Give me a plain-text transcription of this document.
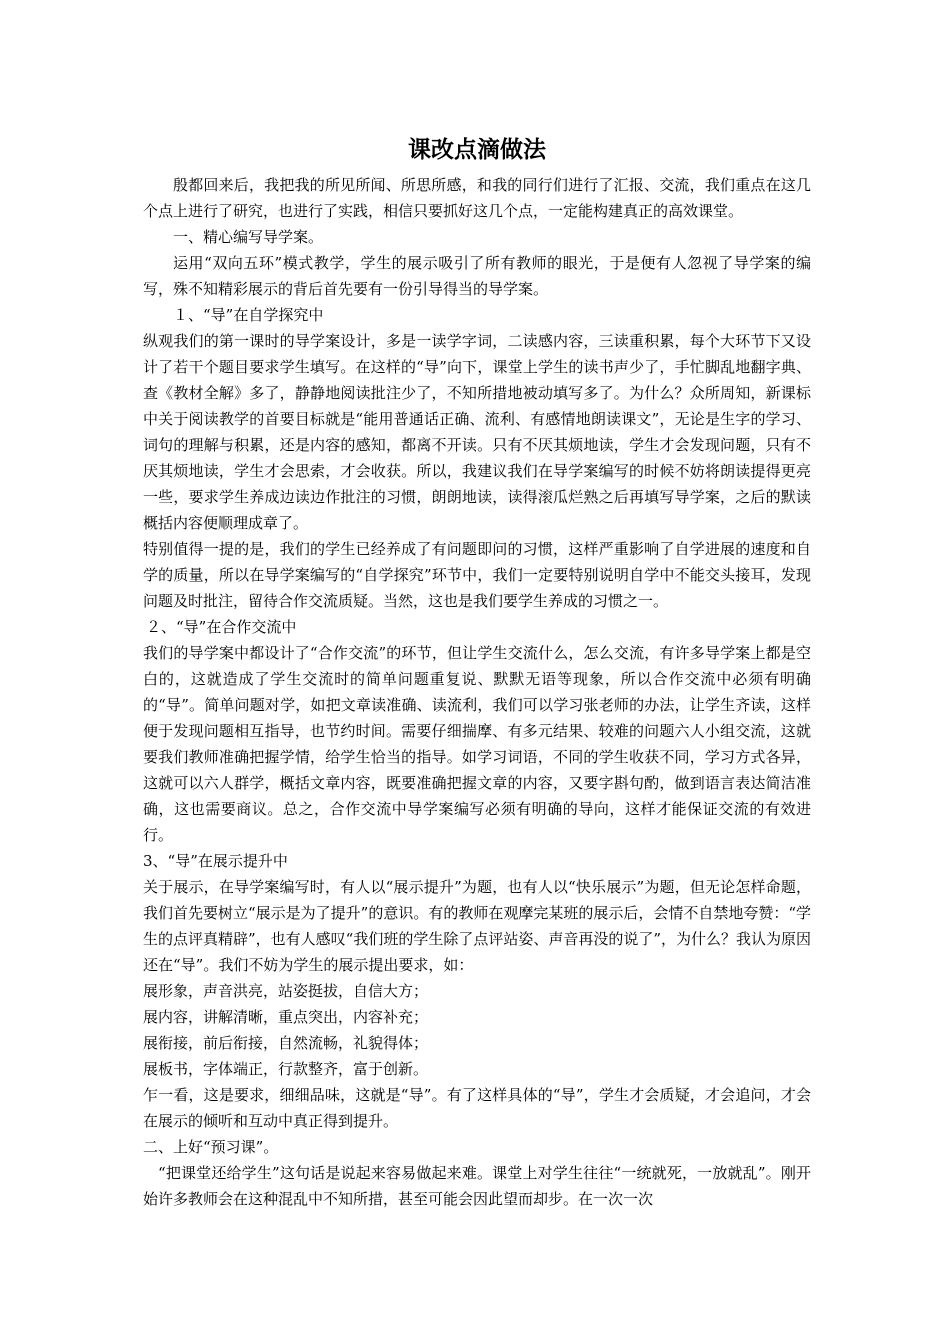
课改点滴做法

殷都回来后，我把我的所见所闻、所思所感，和我的同行们进行了汇报、交流，我们重点在这几个点上进行了研究，也进行了实践，相信只要抓好这几个点，一定能构建真正的高效课堂。

一、精心编写导学案。

运用“双向五环”模式教学，学生的展示吸引了所有教师的眼光，于是便有人忽视了导学案的编写，殊不知精彩展示的背后首先要有一份引导得当的导学案。

１、“导”在自学探究中

纵观我们的第一课时的导学案设计，多是一读学字词，二读感内容，三读重积累，每个大环节下又设计了若干个题目要求学生填写。在这样的“导”向下，课堂上学生的读书声少了，手忙脚乱地翻字典、查《教材全解》多了，静静地阅读批注少了，不知所措地被动填写多了。为什么？众所周知，新课标中关于阅读教学的首要目标就是“能用普通话正确、流利、有感情地朗读课文”，无论是生字的学习、词句的理解与积累，还是内容的感知，都离不开读。只有不厌其烦地读，学生才会发现问题，只有不厌其烦地读，学生才会思索，才会收获。所以，我建议我们在导学案编写的时候不妨将朗读提得更亮一些，要求学生养成边读边作批注的习惯，朗朗地读，读得滚瓜烂熟之后再填写导学案，之后的默读概括内容便顺理成章了。

特别值得一提的是，我们的学生已经养成了有问题即问的习惯，这样严重影响了自学进展的速度和自学的质量，所以在导学案编写的“自学探究”环节中，我们一定要特别说明自学中不能交头接耳，发现问题及时批注，留待合作交流质疑。当然，这也是我们要学生养成的习惯之一。

２、“导”在合作交流中

我们的导学案中都设计了“合作交流”的环节，但让学生交流什么，怎么交流，有许多导学案上都是空白的，这就造成了学生交流时的简单问题重复说、默默无语等现象，所以合作交流中必须有明确的“导”。简单问题对学，如把文章读准确、读流利，我们可以学习张老师的办法，让学生齐读，这样便于发现问题相互指导，也节约时间。需要仔细揣摩、有多元结果、较难的问题六人小组交流，这就要我们教师准确把握学情，给学生恰当的指导。如学习词语，不同的学生收获不同，学习方式各异，这就可以六人群学，概括文章内容，既要准确把握文章的内容，又要字斟句酌，做到语言表达简洁准确，这也需要商议。总之，合作交流中导学案编写必须有明确的导向，这样才能保证交流的有效进行。

3、“导”在展示提升中

关于展示，在导学案编写时，有人以“展示提升”为题，也有人以“快乐展示”为题，但无论怎样命题，我们首先要树立“展示是为了提升”的意识。有的教师在观摩完某班的展示后，会情不自禁地夸赞：“学生的点评真精辟”，也有人感叹“我们班的学生除了点评站姿、声音再没的说了”，为什么？我认为原因还在“导”。我们不妨为学生的展示提出要求，如：

展形象，声音洪亮，站姿挺拔，自信大方；

展内容，讲解清晰，重点突出，内容补充；

展衔接，前后衔接，自然流畅，礼貌得体；

展板书，字体端正，行款整齐，富于创新。

乍一看，这是要求，细细品味，这就是“导”。有了这样具体的“导”，学生才会质疑，才会追问，才会在展示的倾听和互动中真正得到提升。

二、上好“预习课”。

“把课堂还给学生”这句话是说起来容易做起来难。课堂上对学生往往“一统就死，一放就乱”。刚开始许多教师会在这种混乱中不知所措，甚至可能会因此望而却步。在一次一次
